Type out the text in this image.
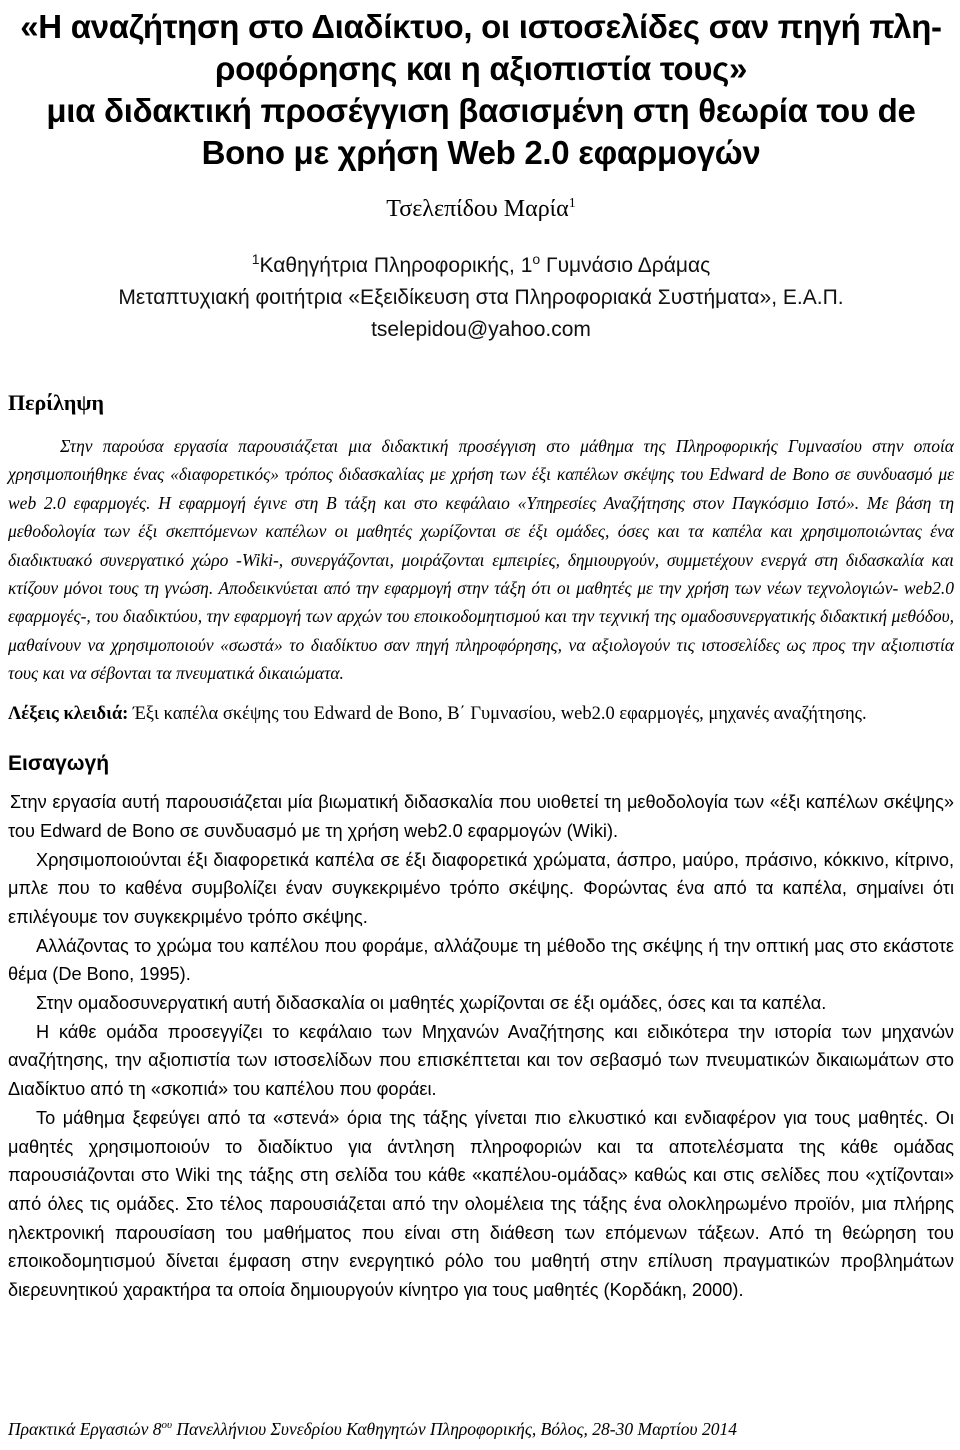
«Η αναζήτηση στο Διαδίκτυο, οι ιστοσελίδες σαν πηγή πλη-
ροφόρησης και η αξιοπιστία τους»
μια διδακτική προσέγγιση βασισμένη στη θεωρία του de
Bono με χρήση Web 2.0 εφαρμογών
Τσελεπίδου Μαρία$^1$
$^1$Καθηγήτρια Πληροφορικής, $1^o$ Γυμνάσιο Δράμας
Μεταπτυχιακή φοιτήτρια «Εξειδίκευση στα Πληροφοριακά Συστήματα», Ε.Α.Π.
tselepidou@yahoo.com
Περίληψη

Στην παρούσα εργασία παρουσιάζεται μια διδακτική προσέγγιση στο μάθημα της Πληροφορικής Γυμνασίου στην οποία χρησιμοποιήθηκε ένας «διαφορετικός» τρόπος διδασκαλίας με χρήση των έξι καπέλων σκέψης του Edward de Bono σε συνδυασμό με web 2.0 εφαρμογές. Η εφαρμογή έγινε στη Β τάξη και στο κεφάλαιο «Υπηρεσίες Αναζήτησης στον Παγκόσμιο Ιστό». Με βάση τη μεθοδολογία των έξι σκεπτόμενων καπέλων οι μαθητές χωρίζονται σε έξι ομάδες, όσες και τα καπέλα και χρησιμοποιώντας ένα διαδικτυακό συνεργατικό χώρο -Wiki-, συνεργάζονται, μοιράζονται εμπειρίες, δημιουργούν, συμμετέχουν ενεργά στη διδασκαλία και κτίζουν μόνοι τους τη γνώση. Αποδεικνύεται από την εφαρμογή στην τάξη ότι οι μαθητές με την χρήση των νέων τεχνολογιών- web2.0 εφαρμογές-, του διαδικτύου, την εφαρμογή των αρχών του εποικοδομητισμού και την τεχνική της ομαδοσυνεργατικής διδακτική μεθόδου, μαθαίνουν να χρησιμοποιούν «σωστά» το διαδίκτυο σαν πηγή πληροφόρησης, να αξιολογούν τις ιστοσελίδες ως προς την αξιοπιστία τους και να σέβονται τα πνευματικά δικαιώματα.

Λέξεις κλειδιά: Έξι καπέλα σκέψης του Edward de Bono, Β΄ Γυμνασίου, web2.0 εφαρμογές, μηχανές αναζήτησης.
Εισαγωγή

Στην εργασία αυτή παρουσιάζεται μία βιωματική διδασκαλία που υιοθετεί τη μεθοδολογία των «έξι καπέλων σκέψης» του Edward de Bono σε συνδυασμό με τη χρήση web2.0 εφαρμογών (Wiki).

Χρησιμοποιούνται έξι διαφορετικά καπέλα σε έξι διαφορετικά χρώματα, άσπρο, μαύρο, πράσινο, κόκκινο, κίτρινο, μπλε που το καθένα συμβολίζει έναν συγκεκριμένο τρόπο σκέψης. Φορώντας ένα από τα καπέλα, σημαίνει ότι επιλέγουμε τον συγκεκριμένο τρόπο σκέψης.

Αλλάζοντας το χρώμα του καπέλου που φοράμε, αλλάζουμε τη μέθοδο της σκέψης ή την οπτική μας στο εκάστοτε θέμα (De Bono, 1995).

Στην ομαδοσυνεργατική αυτή διδασκαλία οι μαθητές χωρίζονται σε έξι ομάδες, όσες και τα καπέλα.

Η κάθε ομάδα προσεγγίζει το κεφάλαιο των Μηχανών Αναζήτησης και ειδικότερα την ιστορία των μηχανών αναζήτησης, την αξιοπιστία των ιστοσελίδων που επισκέπτεται και τον σεβασμό των πνευματικών δικαιωμάτων στο Διαδίκτυο από τη «σκοπιά» του καπέλου που φοράει.

Το μάθημα ξεφεύγει από τα «στενά» όρια της τάξης γίνεται πιο ελκυστικό και ενδιαφέρον για τους μαθητές. Οι μαθητές χρησιμοποιούν το διαδίκτυο για άντληση πληροφοριών και τα αποτελέσματα της κάθε ομάδας παρουσιάζονται στο Wiki της τάξης στη σελίδα του κάθε «καπέλου-ομάδας» καθώς και στις σελίδες που «χτίζονται» από όλες τις ομάδες. Στο τέλος παρουσιάζεται από την ολομέλεια της τάξης ένα ολοκληρωμένο προϊόν, μια πλήρης ηλεκτρονική παρουσίαση του μαθήματος που είναι στη διάθεση των επόμενων τάξεων. Από τη θεώρηση του εποικοδομητισμού δίνεται έμφαση στην ενεργητικό ρόλο του μαθητή στην επίλυση πραγματικών προβλημάτων διερευνητικού χαρακτήρα τα οποία δημιουργούν κίνητρο για τους μαθητές (Κορδάκη, 2000).

Πρακτικά Εργασιών $8^{o\upsilon}$ Πανελλήνιου Συνεδρίου Καθηγητών Πληροφορικής, Βόλος, 28-30 Μαρτίου 2014
